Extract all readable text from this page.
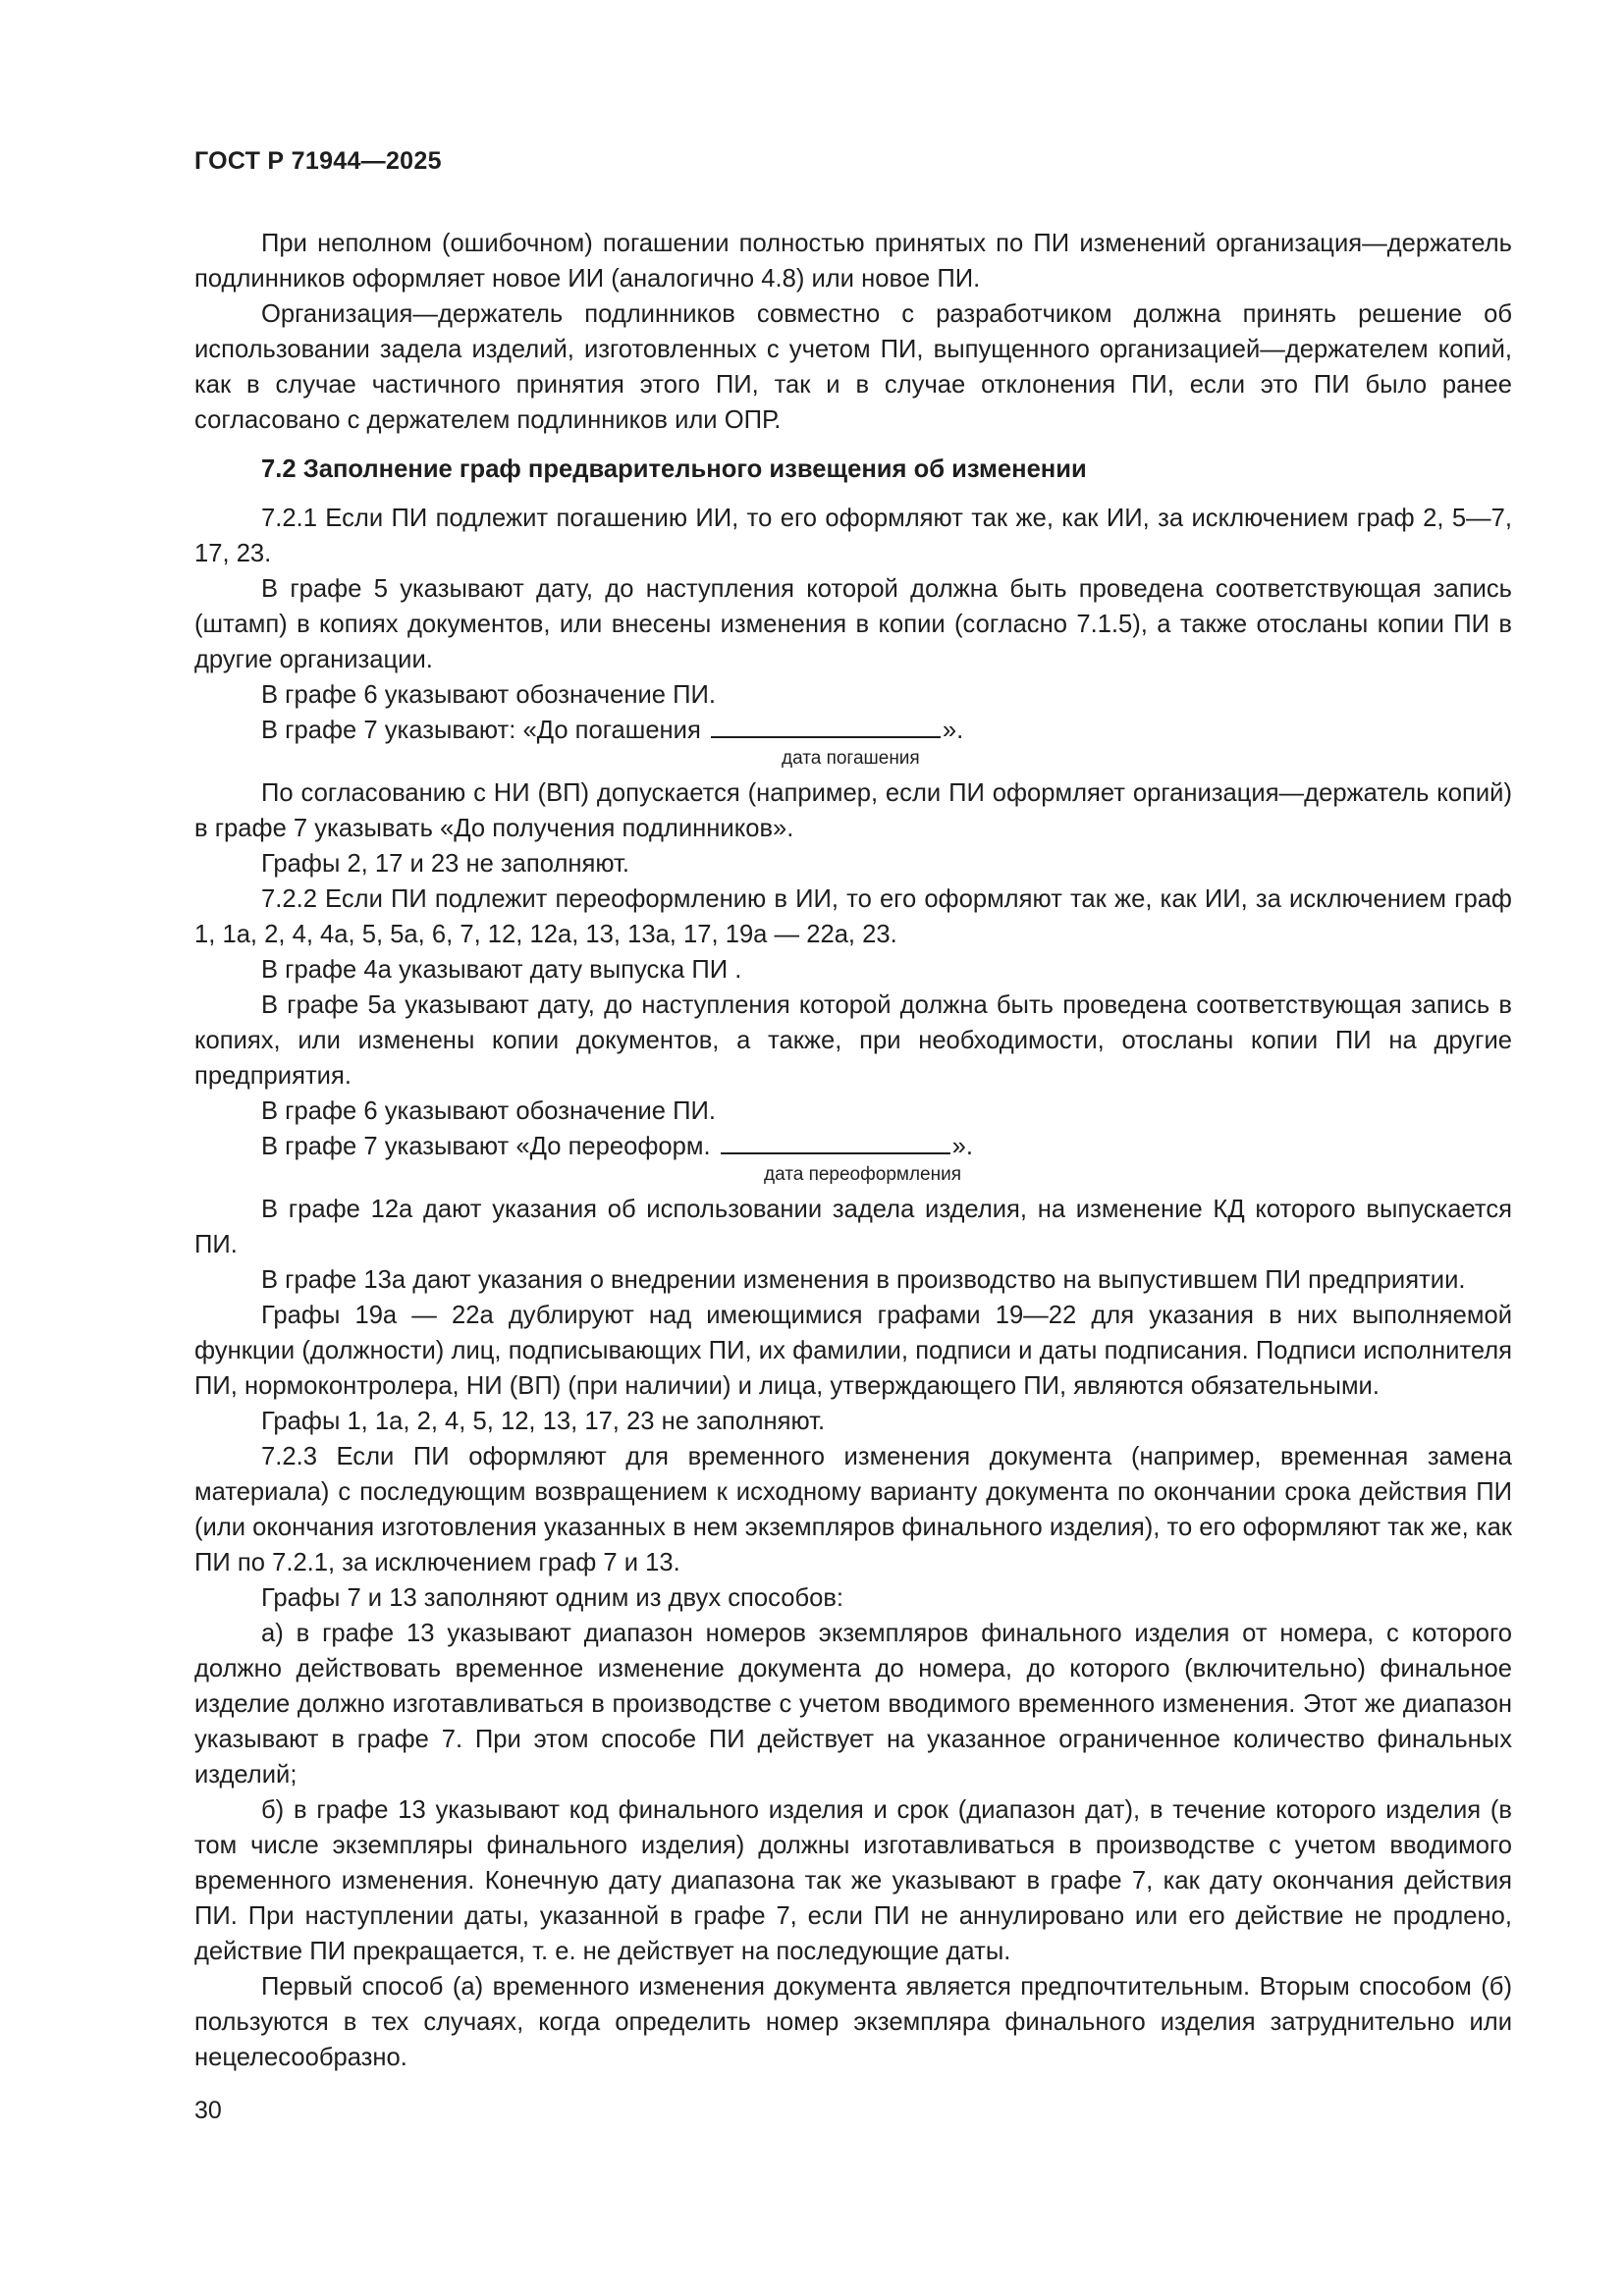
ГОСТ Р 71944—2025

При неполном (ошибочном) погашении полностью принятых по ПИ изменений организация—держатель подлинников оформляет новое ИИ (аналогично 4.8) или новое ПИ.

Организация—держатель подлинников совместно с разработчиком должна принять решение об использовании задела изделий, изготовленных с учетом ПИ, выпущенного организацией—держателем копий, как в случае частичного принятия этого ПИ, так и в случае отклонения ПИ, если это ПИ было ранее согласовано с держателем подлинников или ОПР.

7.2 Заполнение граф предварительного извещения об изменении

7.2.1 Если ПИ подлежит погашению ИИ, то его оформляют так же, как ИИ, за исключением граф 2, 5—7, 17, 23.

В графе 5 указывают дату, до наступления которой должна быть проведена соответствующая запись (штамп) в копиях документов, или внесены изменения в копии (согласно 7.1.5), а также отосланы копии ПИ в другие организации.

В графе 6 указывают обозначение ПИ.

В графе 7 указывают: «До погашения	».

дата погашения

По согласованию с НИ (ВП) допускается (например, если ПИ оформляет организация—держатель копий) в графе 7 указывать «До получения подлинников».

Графы 2, 17 и 23 не заполняют.

7.2.2 Если ПИ подлежит переоформлению в ИИ, то его оформляют так же, как ИИ, за исключением граф 1, 1а, 2, 4, 4а, 5, 5а, 6, 7, 12, 12а, 13, 13а, 17, 19а — 22а, 23.

В графе 4а указывают дату выпуска ПИ .

В графе 5а указывают дату, до наступления которой должна быть проведена соответствующая запись в копиях, или изменены копии документов, а также, при необходимости, отосланы копии ПИ на другие предприятия.

В графе 6 указывают обозначение ПИ.

В графе 7 указывают «До переоформ.	».

дата переоформления

В графе 12а дают указания об использовании задела изделия, на изменение КД которого выпускается ПИ.

В графе 13а дают указания о внедрении изменения в производство на выпустившем ПИ предприятии.

Графы 19а — 22а дублируют над имеющимися графами 19—22 для указания в них выполняемой функции (должности) лиц, подписывающих ПИ, их фамилии, подписи и даты подписания. Подписи исполнителя ПИ, нормоконтролера, НИ (ВП) (при наличии) и лица, утверждающего ПИ, являются обязательными.

Графы 1, 1а, 2, 4, 5, 12, 13, 17, 23 не заполняют.

7.2.3 Если ПИ оформляют для временного изменения документа (например, временная замена материала) с последующим возвращением к исходному варианту документа по окончании срока действия ПИ (или окончания изготовления указанных в нем экземпляров финального изделия), то его оформляют так же, как ПИ по 7.2.1, за исключением граф 7 и 13.

Графы 7 и 13 заполняют одним из двух способов:

а) в графе 13 указывают диапазон номеров экземпляров финального изделия от номера, с которого должно действовать временное изменение документа до номера, до которого (включительно) финальное изделие должно изготавливаться в производстве с учетом вводимого временного изменения. Этот же диапазон указывают в графе 7. При этом способе ПИ действует на указанное ограниченное количество финальных изделий;

б) в графе 13 указывают код финального изделия и срок (диапазон дат), в течение которого изделия (в том числе экземпляры финального изделия) должны изготавливаться в производстве с учетом вводимого временного изменения. Конечную дату диапазона так же указывают в графе 7, как дату окончания действия ПИ. При наступлении даты, указанной в графе 7, если ПИ не аннулировано или его действие не продлено, действие ПИ прекращается, т. е. не действует на последующие даты.

Первый способ (а) временного изменения документа является предпочтительным. Вторым способом (б) пользуются в тех случаях, когда определить номер экземпляра финального изделия затруднительно или нецелесообразно.

30
